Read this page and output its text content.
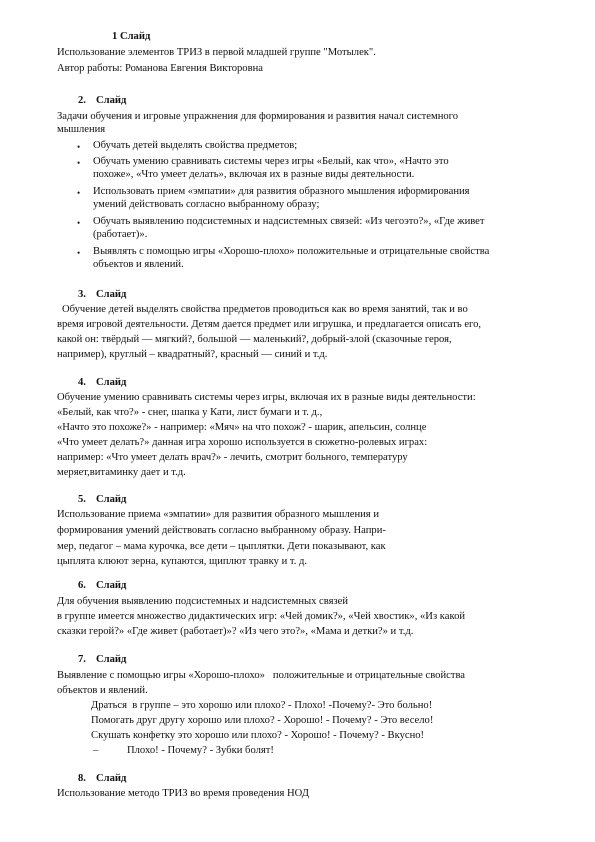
1 Слайд
Использование элементов ТРИЗ в первой младшей группе "Мотылек".
Автор работы: Романова Евгения Викторовна
2. Слайд
Задачи обучения и игровые упражнения для формирования и развития начал системного
мышления
• Обучать детей выделять свойства предметов;
• Обучать умению сравнивать системы через игры «Белый, как что», «Начто это
похоже», «Что умеет делать», включая их в разные виды деятельности.
• Использовать прием «эмпатии» для развития образного мышления иформирования
умений действовать согласно выбранному образу;
• Обучать выявлению подсистемных и надсистемных связей: «Из чегоэто?», «Где живет
(работает)».
• Выявлять с помощью игры «Хорошо-плохо» положительные и отрицательные свойства
объектов и явлений.
3. Слайд
Обучение детей выделять свойства предметов проводиться как во время занятий, так и во
время игровой деятельности. Детям дается предмет или игрушка, и предлагается описать его,
какой он: твёрдый — мягкий?, большой — маленький?, добрый-злой (сказочные героя,
например), круглый – квадратный?, красный — синий и т.д.
4. Слайд
Обучение умению сравнивать системы через игры, включая их в разные виды деятельности:
«Белый, как что?» - снег, шапка у Кати, лист бумаги и т. д.,
«Начто это похоже?» - например: «Мяч» на что похож? - шарик, апельсин, солнце
«Что умеет делать?» данная игра хорошо используется в сюжетно-ролевых играх:
например: «Что умеет делать врач?» - лечить, смотрит больного, температуру
меряет,витаминку дает и т.д.
5. Слайд
Использование приема «эмпатии» для развития образного мышления и
формирования умений действовать согласно выбранному образу. Напри-
мер, педагог – мама курочка, все дети – цыплятки. Дети показывают, как
цыплята клюют зерна, купаются, щиплют травку и т. д.
6. Слайд
Для обучения выявлению подсистемных и надсистемных связей
в группе имеется множество дидактических игр: «Чей домик?», «Чей хвостик», «Из какой
сказки герой?» «Где живет (работает)»? «Из чего это?», «Мама и детки?» и т.д.
7. Слайд
Выявление с помощью игры «Хорошо-плохо»   положительные и отрицательные свойства
объектов и явлений.
Драться  в группе – это хорошо или плохо? - Плохо! -Почему?- Это больно!
Помогать друг другу хорошо или плохо? - Хорошо! - Почему? - Это весело!
Скушать конфетку это хорошо или плохо? - Хорошо! - Почему? - Вкусно!
–	Плохо! - Почему? - Зубки болят!
8. Слайд
Использование методо ТРИЗ во время проведения НОД
